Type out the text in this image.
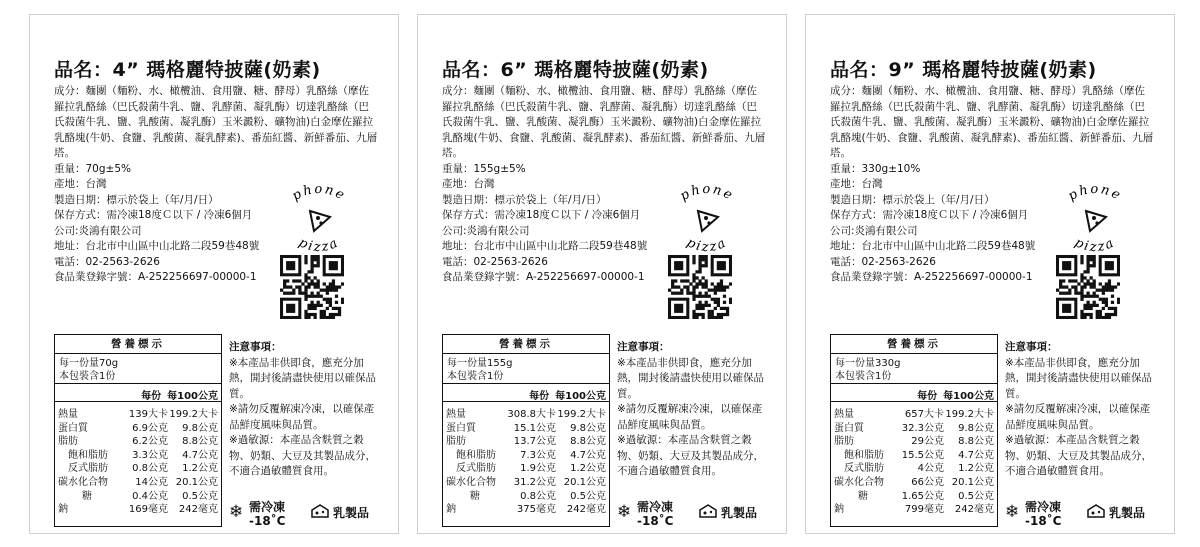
品名：4” 瑪格麗特披薩(奶素)

成分：麵團（麵粉、水、橄欖油、食用鹽、糖、酵母）乳酪絲（摩佐羅拉乳酪絲（巴氏殺菌牛乳、鹽、乳酵菌、凝乳酶）切達乳酪絲（巴氏殺菌牛乳、鹽、乳酸菌、凝乳酶）玉米澱粉、礦物油)白金摩佐羅拉乳酪塊(牛奶、食鹽、乳酸菌、凝乳酵素)、番茄紅醬、新鮮番茄、九層塔。

重量：70g±5%
產地：台灣
製造日期：標示於袋上（年/月/日）
保存方式：需冷凍18度Ｃ以下 / 冷凍6個月
公司:炎鴻有限公司
地址：台北市中山區中山北路二段59巷48號
電話：02-2563-2626
食品業登錄字號：A-252256697-00000-1
phone
pizza
營養標示
每一份量70g
本包裝含1份
每份 每100公克
熱量	139大卡 199.2大卡
蛋白質	6.9公克	9.8公克
脂肪	6.2公克	8.8公克
飽和脂肪	3.3公克	4.7公克
反式脂肪	0.8公克	1.2公克
碳水化合物	14公克 20.1公克
糖	0.4公克	0.5公克
鈉	169毫克	242毫克
注意事項：
※本產品非供即食，應充分加熱，開封後請盡快使用以確保品質。
※請勿反覆解凍冷凍，以確保產品鮮度風味與品質。
※過敏源：本產品含麩質之穀物、奶類、大豆及其製品成分，不適合過敏體質食用。
❄ 需冷凍
-18˚C
乳製品
品名：6” 瑪格麗特披薩(奶素)

成分：麵團（麵粉、水、橄欖油、食用鹽、糖、酵母）乳酪絲（摩佐羅拉乳酪絲（巴氏殺菌牛乳、鹽、乳酵菌、凝乳酶）切達乳酪絲（巴氏殺菌牛乳、鹽、乳酸菌、凝乳酶）玉米澱粉、礦物油)白金摩佐羅拉乳酪塊(牛奶、食鹽、乳酸菌、凝乳酵素)、番茄紅醬、新鮮番茄、九層塔。

重量：155g±5%
產地：台灣
製造日期：標示於袋上（年/月/日）
保存方式：需冷凍18度Ｃ以下 / 冷凍6個月
公司:炎鴻有限公司
地址：台北市中山區中山北路二段59巷48號
電話：02-2563-2626
食品業登錄字號：A-252256697-00000-1
phone
pizza
營養標示
每一份量155g
本包裝含1份
每份 每100公克
熱量	308.8大卡 199.2大卡
蛋白質	15.1公克	9.8公克
脂肪	13.7公克	8.8公克
飽和脂肪	7.3公克	4.7公克
反式脂肪	1.9公克	1.2公克
碳水化合物	31.2公克 20.1公克
糖	0.8公克	0.5公克
鈉	375毫克	242毫克
注意事項：
※本產品非供即食，應充分加熱，開封後請盡快使用以確保品質。
※請勿反覆解凍冷凍，以確保產品鮮度風味與品質。
※過敏源：本產品含麩質之穀物、奶類、大豆及其製品成分，不適合過敏體質食用。
❄ 需冷凍
-18˚C
乳製品
品名：9” 瑪格麗特披薩(奶素)

成分：麵團（麵粉、水、橄欖油、食用鹽、糖、酵母）乳酪絲（摩佐羅拉乳酪絲（巴氏殺菌牛乳、鹽、乳酵菌、凝乳酶）切達乳酪絲（巴氏殺菌牛乳、鹽、乳酸菌、凝乳酶）玉米澱粉、礦物油)白金摩佐羅拉乳酪塊(牛奶、食鹽、乳酸菌、凝乳酵素)、番茄紅醬、新鮮番茄、九層塔。

重量：330g±10%
產地：台灣
製造日期：標示於袋上（年/月/日）
保存方式：需冷凍18度Ｃ以下 / 冷凍6個月
公司:炎鴻有限公司
地址：台北市中山區中山北路二段59巷48號
電話：02-2563-2626
食品業登錄字號：A-252256697-00000-1
phone
pizza
營養標示
每一份量330g
本包裝含1份
每份 每100公克
熱量	657大卡 199.2大卡
蛋白質	32.3公克	9.8公克
脂肪	29公克	8.8公克
飽和脂肪	15.5公克	4.7公克
反式脂肪	4公克	1.2公克
碳水化合物	66公克 20.1公克
糖	1.65公克	0.5公克
鈉	799毫克	242毫克
注意事項：
※本產品非供即食，應充分加熱，開封後請盡快使用以確保品質。
※請勿反覆解凍冷凍，以確保產品鮮度風味與品質。
※過敏源：本產品含麩質之穀物、奶類、大豆及其製品成分，不適合過敏體質食用。
❄ 需冷凍
-18˚C
乳製品
